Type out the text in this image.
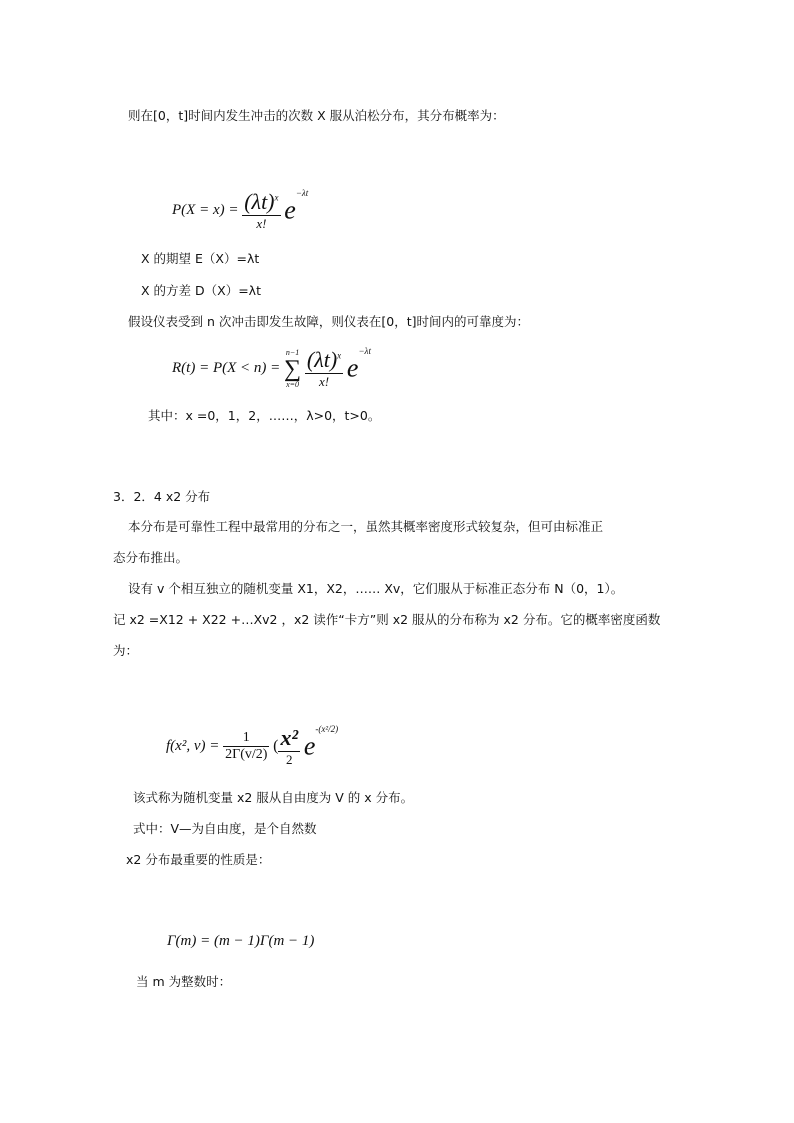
则在[0，t]时间内发生冲击的次数 X 服从泊松分布，其分布概率为：
X 的期望 E（X）=λt
X 的方差 D（X）=λt
假设仪表受到 n 次冲击即发生故障，则仪表在[0，t]时间内的可靠度为：
其中：x =0，1，2，……，λ>0，t>0。
3．2．4 x2 分布
本分布是可靠性工程中最常用的分布之一，虽然其概率密度形式较复杂，但可由标准正
态分布推出。
设有 v 个相互独立的随机变量 X1，X2，…… Xv，它们服从于标准正态分布 N（0，1）。
记 x2 =X12 + X22 +…Xv2 ，x2 读作“卡方”则 x2 服从的分布称为 x2 分布。它的概率密度函数
为：
该式称为随机变量 x2 服从自由度为 V 的 x 分布。
式中：V—为自由度，是个自然数
x2 分布最重要的性质是：
当 m 为整数时：
$P(X = x) = \frac{(\lambda t)^x}{x!} e^{-\lambda t}$
R(t) = P(X < n) =
n−1
∑
x=0
$\frac{(\lambda t)^x}{x!} e^{-\lambda t}$
f(x², $v) = \frac{1}{2\Gamma(v/2)}$ ( $\frac{\text{x²}}{2} e^{-(x^2/2)}$
Γ(m) = (m − 1)Γ(m − 1)
